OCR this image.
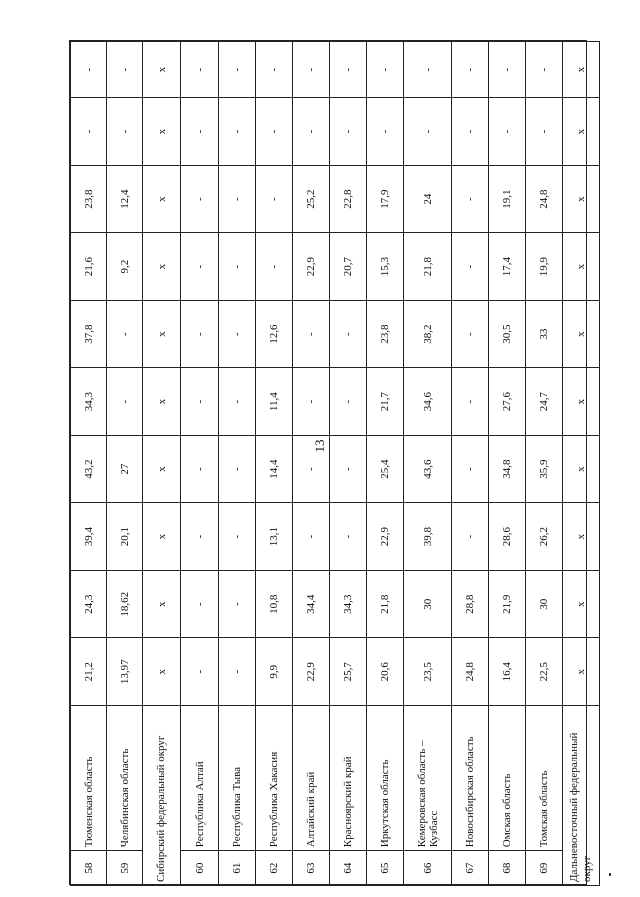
13
58	Тюменская область	21,2	24,3	39,4	43,2	34,3	37,8	21,6	23,8	-	-
59	Челябинская область	13,97	18,62	20,1	27	-	-	9,2	12,4	-	-
Сибирский федеральный округ		х	х	х	х	х	х	х	х	х	х
60	Республика Алтай	-	-	-	-	-	-	-	-	-	-
61	Республика Тыва	-	-	-	-	-	-	-	-	-	-
62	Республика Хакасия	9,9	10,8	13,1	14,4	11,4	12,6	-	-	-	-
63	Алтайский край	22,9	34,4	-	-	-	-	22,9	25,2	-	-
64	Красноярский край	25,7	34,3	-	-	-	-	20,7	22,8	-	-
65	Иркутская область	20,6	21,8	22,9	25,4	21,7	23,8	15,3	17,9	-	-
66	Кемеровская область – Кузбасс	23,5	30	39,8	43,6	34,6	38,2	21,8	24	-	-
67	Новосибирская область	24,8	28,8	-	-	-	-	-	-	-	-
68	Омская область	16,4	21,9	28,6	34,8	27,6	30,5	17,4	19,1	-	-
69	Томская область	22,5	30	26,2	35,9	24,7	33	19,9	24,8	-	-
Дальневосточный федеральный округ		х	х	х	х	х	х	х	х	х	х
